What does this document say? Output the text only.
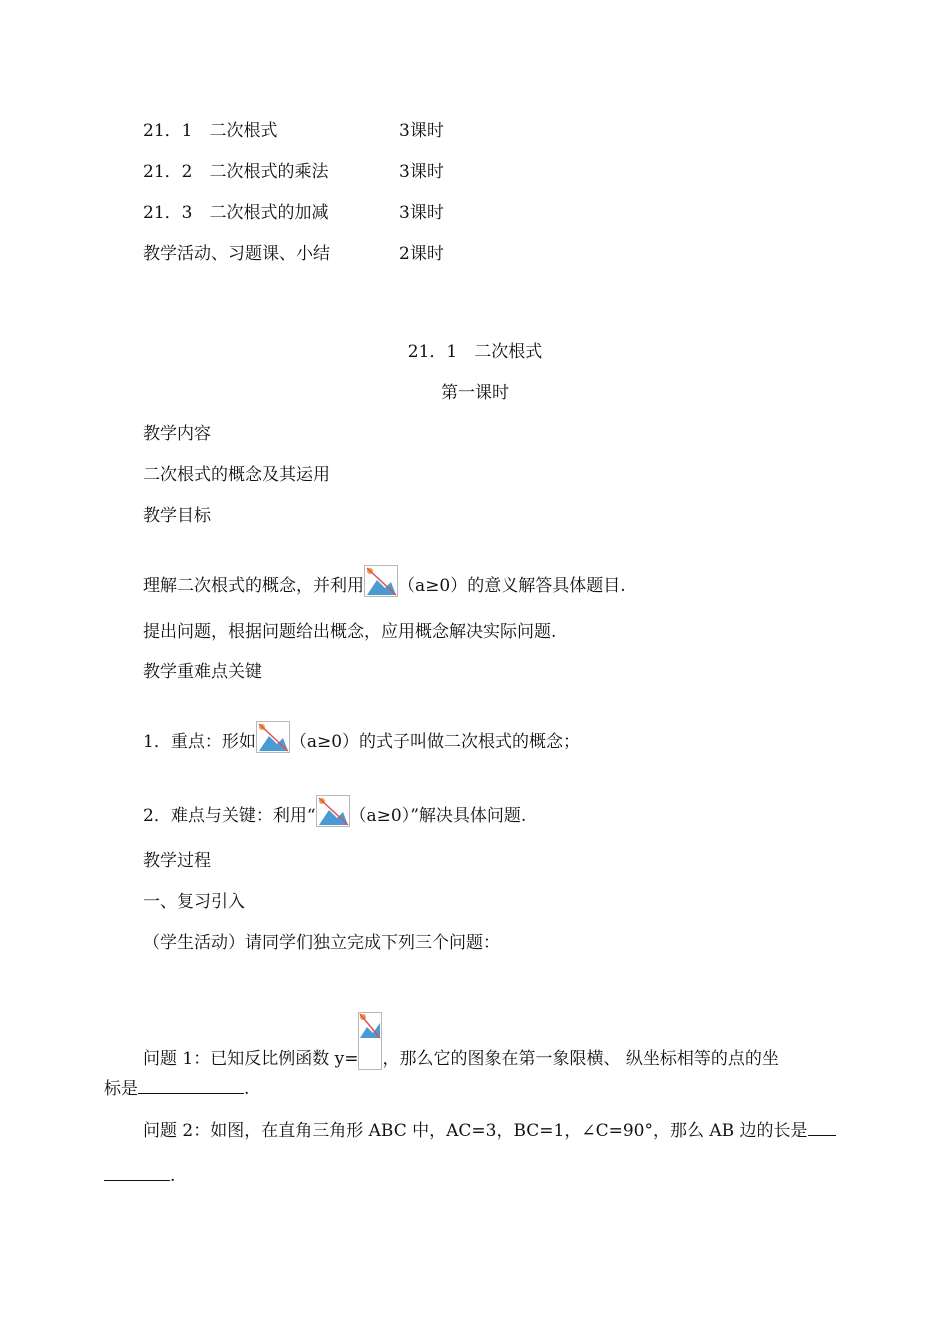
21．1　二次根式	3课时
21．2　二次根式的乘法	3课时
21．3　二次根式的加减	3课时
教学活动、习题课、小结	2课时
21．1　二次根式
第一课时
教学内容
二次根式的概念及其运用
教学目标
理解二次根式的概念，并利用 （a≥0）的意义解答具体题目.
提出问题，根据问题给出概念，应用概念解决实际问题.
教学重难点关键
1．重点：形如 （a≥0）的式子叫做二次根式的概念；
2．难点与关键：利用“ （a≥0）”解决具体问题.
教学过程
一、复习引入
（学生活动）请同学们独立完成下列三个问题：
问题 1：已知反比例函数 y= ，那么它的图象在第一象限横、 纵坐标相等的点的坐
标是	.
问题 2：如图，在直角三角形 ABC 中，AC=3，BC=1，∠C=90°，那么 AB 边的长是
.
